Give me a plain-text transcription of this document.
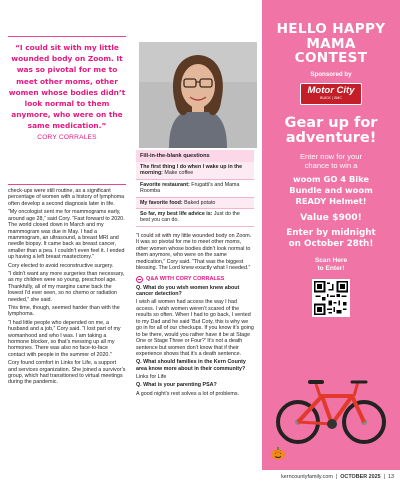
“I could sit with my little wounded body on Zoom. It was so pivotal for me to meet other moms, other women whose bodies didn’t look normal to them anymore, who were on the same medication.”
CORY CORRALES

check-ups were still routine, as a significant percentage of women with a history of lymphoma often develop a second diagnosis later in life.

“My oncologist sent me for mammograms early, around age 28,” said Cory. “Fast forward to 2020. The world closed down in March and my mammogram was due in May. I had a mammogram, an ultrasound, a breast MRI and needle biopsy. It came back as breast cancer, smaller than a pea. I couldn’t even feel it. I ended up having a left breast mastectomy.”

Cory elected to avoid reconstructive surgery.

“I didn’t want any more surgeries than necessary, as my children were so young, preschool age. Thankfully, all of my margins came back the lowest I’d ever seen, so no chemo or radiation needed,” she said.

This time, though, seemed harder than with the lymphoma.

“I had little people who depended on me, a husband and a job,” Cory said. “I lost part of my womanhood and who I was. I am taking a hormone blocker, so that’s messing up all my hormones. There was also no face-to-face contact with people in the summer of 2020.”

Cory found comfort in Links for Life, a support and services organization. She joined a survivor’s group, which had transitioned to virtual meetings during the pandemic.

Fill-in-the-blank questions
The first thing I do when I wake up in the morning: Make coffee
Favorite restaurant: Frugatti’s and Mama Roomba
My favorite food: Baked potato
So far, my best life advice is: Just do the best you can do.

“I could sit with my little wounded body on Zoom. It was so pivotal for me to meet other moms, other women whose bodies didn’t look normal to them anymore, who were on the same medication,” Cory said. “That was the biggest blessing. The Lord knew exactly what I needed.”

Q&A WITH CORY CORRALES

Q. What do you wish women knew about cancer detection?

I wish all women had access the way I had access. I wish women weren’t scared of the results so often. When I had to go back, I vented to my Dad and he said ‘But Coty, this is why we go in for all of our checkups. If you know it’s going to be there, would you rather have it be at Stage One or Stage Three or Four?’ It’s not a death sentence but women don’t know that if their experience shows that it’s a death sentence.

Q. What should families in the Kern County area know more about in their community?

Links for Life

Q. What is your parenting PSA?

A good night’s rest solves a lot of problems.

HELLO HAPPY
MAMA
CONTEST
Sponsored by
Motor City
BUICK | GMC
Gear up for
adventure!
Enter now for your
chance to win a
woom GO 4 Bike
Bundle and woom
READY Helmet!
Value $900!
Enter by midnight
on October 28th!
Scan Here
to Enter!
kerncountyfamily.com | OCTOBER 2025 | 13
